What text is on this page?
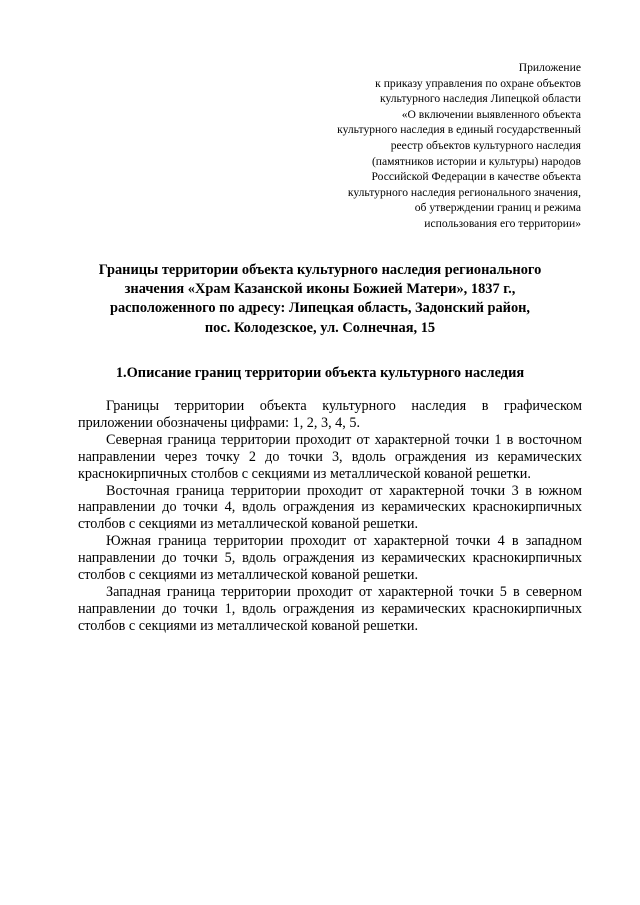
Приложение
к приказу управления по охране объектов
культурного наследия Липецкой области
«О включении выявленного объекта
культурного наследия в единый государственный
реестр объектов культурного наследия
(памятников истории и культуры) народов
Российской Федерации в качестве объекта
культурного наследия регионального значения,
об утверждении границ и режима
использования его территории»
Границы территории объекта культурного наследия регионального
значения «Храм Казанской иконы Божией Матери», 1837 г.,
расположенного по адресу: Липецкая область, Задонский район,
пос. Колодезское, ул. Солнечная, 15
1.Описание границ территории объекта культурного наследия

Границы территории объекта культурного наследия в графическом приложении обозначены цифрами: 1, 2, 3, 4, 5.

Северная граница территории проходит от характерной точки 1 в восточном направлении через точку 2 до точки 3, вдоль ограждения из керамических краснокирпичных столбов с секциями из металлической кованой решетки.

Восточная граница территории проходит от характерной точки 3 в южном направлении до точки 4, вдоль ограждения из керамических краснокирпичных столбов с секциями из металлической кованой решетки.

Южная граница территории проходит от характерной точки 4 в западном направлении до точки 5, вдоль ограждения из керамических краснокирпичных столбов с секциями из металлической кованой решетки.

Западная граница территории проходит от характерной точки 5 в северном направлении до точки 1, вдоль ограждения из керамических краснокирпичных столбов с секциями из металлической кованой решетки.
